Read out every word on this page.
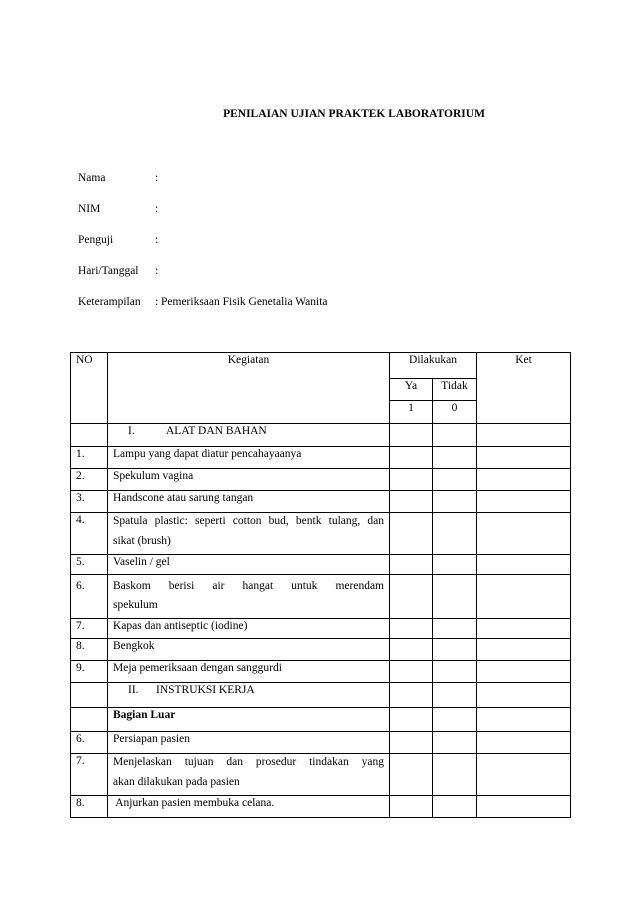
PENILAIAN UJIAN PRAKTEK LABORATORIUM
Nama	:
NIM	:
Penguji	:
Hari/Tanggal :
Keterampilan : Pemeriksaan Fisik Genetalia Wanita
NO	Kegiatan	Dilakukan		Ket
		Ya	Tidak	
		1	0	
	I. ALAT DAN BAHAN			
1.	Lampu yang dapat diatur pencahayaanya			
2.	Spekulum vagina			
3.	Handscone atau sarung tangan			
4.	Spatula plastic: seperti cotton bud, bentk tulang, dan
sikat (brush)			

5.	Vaselin / gel			
6.	Baskom berisi air hangat untuk merendam
spekulum			

7.	Kapas dan antiseptic (iodine)			
8.	Bengkok			
9.	Meja pemeriksaan dengan sanggurdi			
	II. INSTRUKSI KERJA			
	Bagian Luar			
6.	Persiapan pasien			
7.	Menjelaskan tujuan dan prosedur tindakan yang
akan dilakukan pada pasien			

8.	Anjurkan pasien membuka celana.			
